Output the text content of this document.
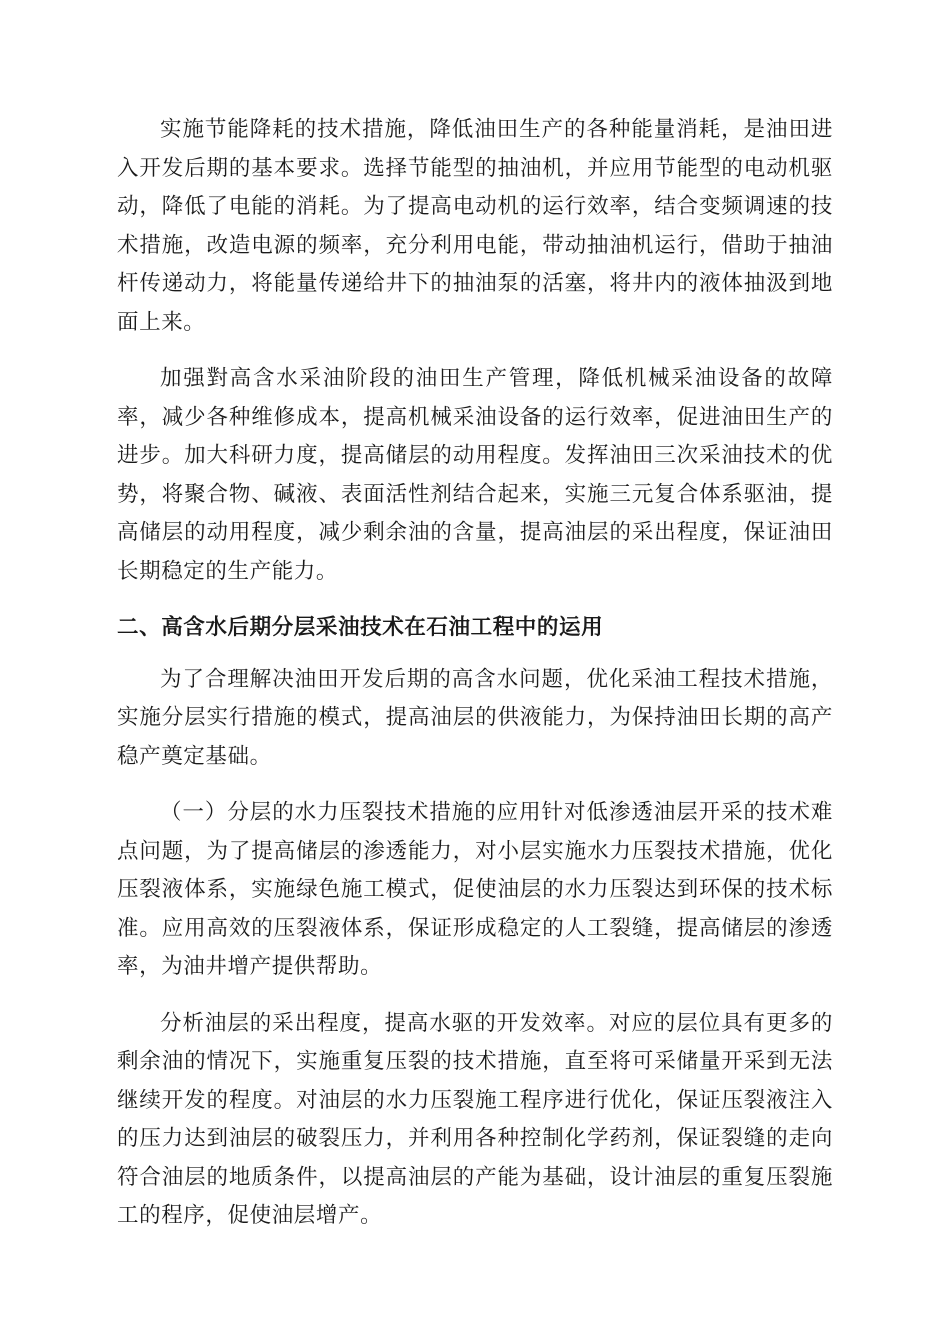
实施节能降耗的技术措施，降低油田生产的各种能量消耗，是油田进入开发后期的基本要求。选择节能型的抽油机，并应用节能型的电动机驱动，降低了电能的消耗。为了提高电动机的运行效率，结合变频调速的技术措施，改造电源的频率，充分利用电能，带动抽油机运行，借助于抽油杆传递动力，将能量传递给井下的抽油泵的活塞，将井内的液体抽汲到地面上来。

加强對高含水采油阶段的油田生产管理，降低机械采油设备的故障率，减少各种维修成本，提高机械采油设备的运行效率，促进油田生产的进步。加大科研力度，提高储层的动用程度。发挥油田三次采油技术的优势，将聚合物、碱液、表面活性剂结合起来，实施三元复合体系驱油，提高储层的动用程度，减少剩余油的含量，提高油层的采出程度，保证油田长期稳定的生产能力。

二、高含水后期分层采油技术在石油工程中的运用

为了合理解决油田开发后期的高含水问题，优化采油工程技术措施，实施分层实行措施的模式，提高油层的供液能力，为保持油田长期的高产稳产奠定基础。

（一）分层的水力压裂技术措施的应用针对低渗透油层开采的技术难点问题，为了提高储层的渗透能力，对小层实施水力压裂技术措施，优化压裂液体系，实施绿色施工模式，促使油层的水力压裂达到环保的技术标准。应用高效的压裂液体系，保证形成稳定的人工裂缝，提高储层的渗透率，为油井增产提供帮助。

分析油层的采出程度，提高水驱的开发效率。对应的层位具有更多的剩余油的情况下，实施重复压裂的技术措施，直至将可采储量开采到无法继续开发的程度。对油层的水力压裂施工程序进行优化，保证压裂液注入的压力达到油层的破裂压力，并利用各种控制化学药剂，保证裂缝的走向符合油层的地质条件，以提高油层的产能为基础，设计油层的重复压裂施工的程序，促使油层增产。
